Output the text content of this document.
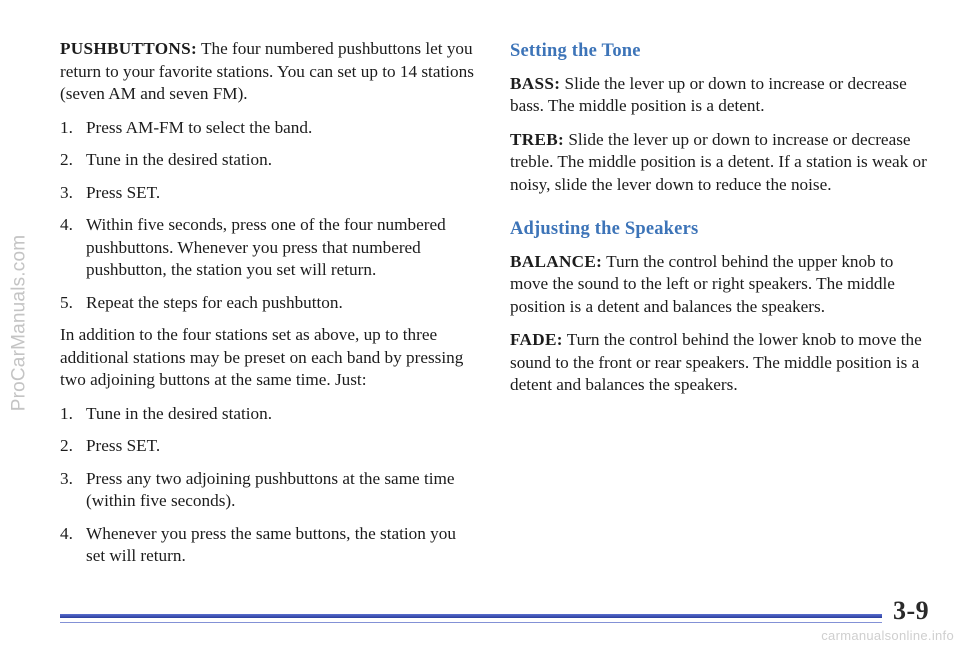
ProCarManuals.com

PUSHBUTTONS: The four numbered pushbuttons let you return to your favorite stations. You can set up to 14 stations (seven AM and seven FM).

1. Press AM-FM to select the band.
2. Tune in the desired station.
3. Press SET.
4. Within five seconds, press one of the four numbered pushbuttons. Whenever you press that numbered pushbutton, the station you set will return.
5. Repeat the steps for each pushbutton.

In addition to the four stations set as above, up to three additional stations may be preset on each band by pressing two adjoining buttons at the same time. Just:

1. Tune in the desired station.
2. Press SET.
3. Press any two adjoining pushbuttons at the same time (within five seconds).
4. Whenever you press the same buttons, the station you set will return.
Setting the Tone

BASS: Slide the lever up or down to increase or decrease bass. The middle position is a detent.

TREB: Slide the lever up or down to increase or decrease treble. The middle position is a detent. If a station is weak or noisy, slide the lever down to reduce the noise.

Adjusting the Speakers

BALANCE: Turn the control behind the upper knob to move the sound to the left or right speakers. The middle position is a detent and balances the speakers.

FADE: Turn the control behind the lower knob to move the sound to the front or rear speakers. The middle position is a detent and balances the speakers.

3-9
carmanualsonline.info
